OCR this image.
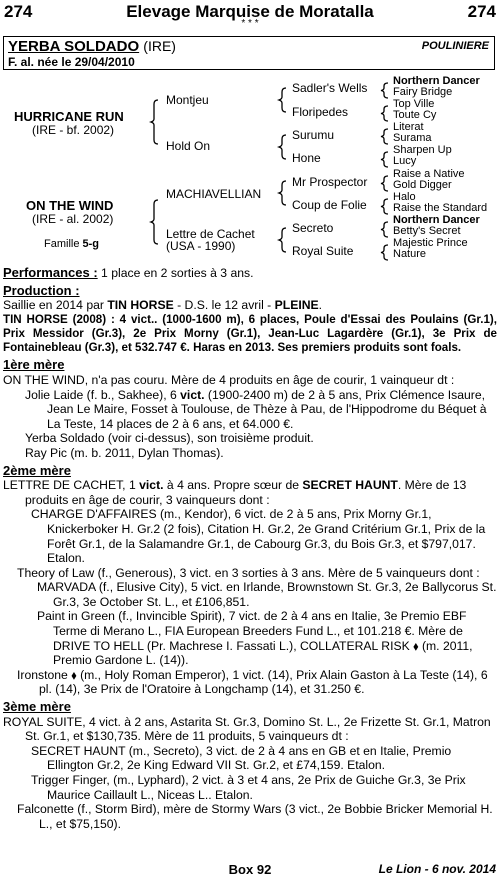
274	Elevage Marquise de Moratalla	274
* * *
YERBA SOLDADO (IRE)	POULINIERE
F. al. née le 29/04/2010
HURRICANE RUN
(IRE - bf. 2002)
ON THE WIND
(IRE - al. 2002)
Famille 5-g
Montjeu
Hold On
MACHIAVELLIAN
Lettre de Cachet
(USA - 1990)
Sadler's Wells
Floripedes
Surumu
Hone
Mr Prospector
Coup de Folie
Secreto
Royal Suite
Northern Dancer
Fairy Bridge
Top Ville
Toute Cy
Literat
Surama
Sharpen Up
Lucy
Raise a Native
Gold Digger
Halo
Raise the Standard
Northern Dancer
Betty's Secret
Majestic Prince
Nature

Performances : 1 place en 2 sorties à 3 ans.

Production :

Saillie en 2014 par TIN HORSE - D.S. le 12 avril - PLEINE.

TIN HORSE (2008) : 4 vict.. (1000-1600 m), 6 places, Poule d'Essai des Poulains (Gr.1), Prix Messidor (Gr.3), 2e Prix Morny (Gr.1), Jean-Luc Lagardère (Gr.1), 3e Prix de Fontainebleau (Gr.3), et 532.747 €. Haras en 2013. Ses premiers produits sont foals.

1ère mère

ON THE WIND, n'a pas couru. Mère de 4 produits en âge de courir, 1 vainqueur dt :

Jolie Laide (f. b., Sakhee), 6 vict. (1900-2400 m) de 2 à 5 ans, Prix Clémence Isaure, Jean Le Maire, Fosset à Toulouse, de Thèze à Pau, de l'Hippodrome du Béquet à La Teste, 14 places de 2 à 6 ans, et 64.000 €.

Yerba Soldado (voir ci-dessus), son troisième produit.

Ray Pic (m. b. 2011, Dylan Thomas).

2ème mère

LETTRE DE CACHET, 1 vict. à 4 ans. Propre sœur de SECRET HAUNT. Mère de 13 produits en âge de courir, 3 vainqueurs dont :

CHARGE D'AFFAIRES (m., Kendor), 6 vict. de 2 à 5 ans, Prix Morny Gr.1, Knickerboker H. Gr.2 (2 fois), Citation H. Gr.2, 2e Grand Critérium Gr.1, Prix de la Forêt Gr.1, de la Salamandre Gr.1, de Cabourg Gr.3, du Bois Gr.3, et $797,017. Etalon.

Theory of Law (f., Generous), 3 vict. en 3 sorties à 3 ans. Mère de 5 vainqueurs dont :

MARVADA (f., Elusive City), 5 vict. en Irlande, Brownstown St. Gr.3, 2e Ballycorus St. Gr.3, 3e October St. L., et £106,851.

Paint in Green (f., Invincible Spirit), 7 vict. de 2 à 4 ans en Italie, 3e Premio EBF Terme di Merano L., FIA European Breeders Fund L., et 101.218 €. Mère de DRIVE TO HELL (Pr. Machrese I. Fassati L.), COLLATERAL RISK ⬧ (m. 2011, Premio Gardone L. (14)).

Ironstone ⬧ (m., Holy Roman Emperor), 1 vict. (14), Prix Alain Gaston à La Teste (14), 6 pl. (14), 3e Prix de l'Oratoire à Longchamp (14), et 31.250 €.

3ème mère

ROYAL SUITE, 4 vict. à 2 ans, Astarita St. Gr.3, Domino St. L., 2e Frizette St. Gr.1, Matron St. Gr.1, et $130,735. Mère de 11 produits, 5 vainqueurs dt :

SECRET HAUNT (m., Secreto), 3 vict. de 2 à 4 ans en GB et en Italie, Premio Ellington Gr.2, 2e King Edward VII St. Gr.2, et £74,159. Etalon.

Trigger Finger, (m., Lyphard), 2 vict. à 3 et 4 ans, 2e Prix de Guiche Gr.3, 3e Prix Maurice Caillault L., Niceas L.. Etalon.

Falconette (f., Storm Bird), mère de Stormy Wars (3 vict., 2e Bobbie Bricker Memorial H. L., et $75,150).

Box 92	Le Lion - 6 nov. 2014
